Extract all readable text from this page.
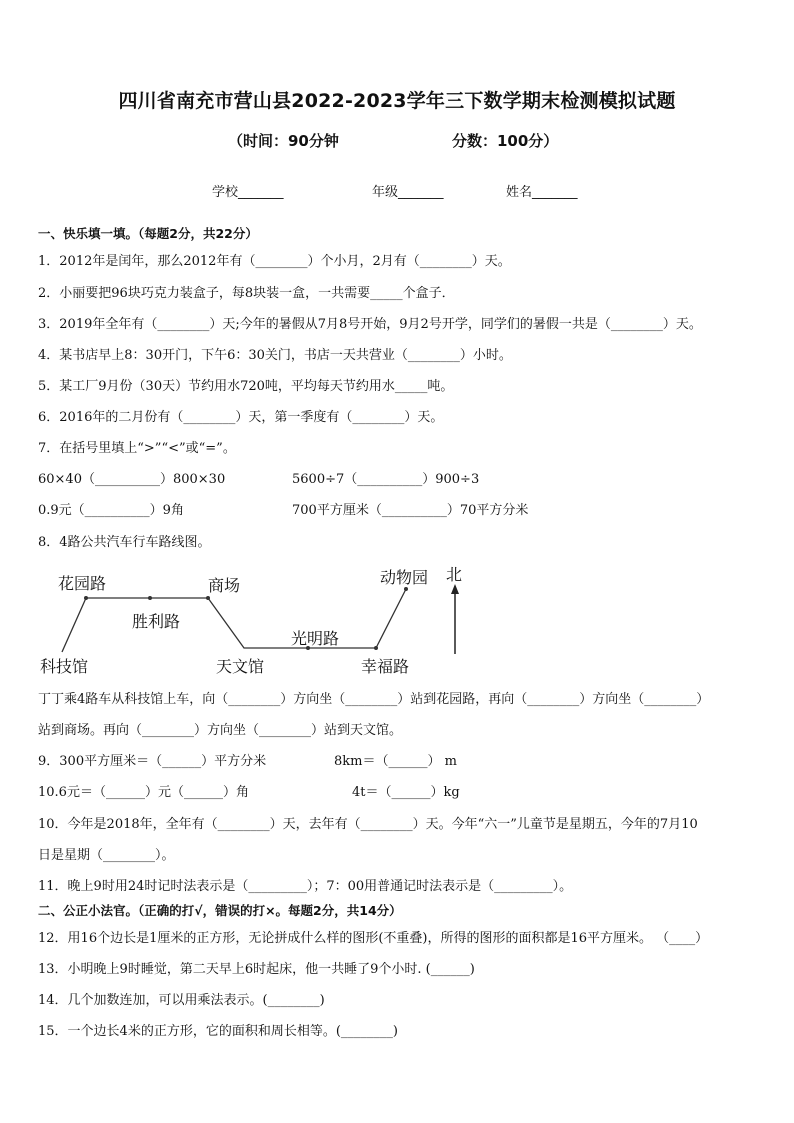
四川省南充市营山县2022-2023学年三下数学期末检测模拟试题
（时间：90分钟	分数：100分）
学校_______	年级_______	姓名_______
一、快乐填一填。（每题2分，共22分）
1．2012年是闰年，那么2012年有（________）个小月，2月有（________）天。
2．小丽要把96块巧克力装盒子，每8块装一盒，一共需要_____个盒子．
3．2019年全年有（________）天;今年的暑假从7月8号开始，9月2号开学，同学们的暑假一共是（________）天。
4．某书店早上8：30开门，下午6：30关门，书店一天共营业（________）小时。
5．某工厂9月份（30天）节约用水720吨，平均每天节约用水_____吨。
6．2016年的二月份有（________）天，第一季度有（________）天。
7．在括号里填上“>”“<”或“=”。
60×40（__________）800×30	5600÷7（__________）900÷3
0.9元（__________）9角	700平方厘米（__________）70平方分米
8．4路公共汽车行车路线图。
花园路	商场
胜利路
科技馆	天文馆
光明路
幸福路
动物园 北
丁丁乘4路车从科技馆上车，向（________）方向坐（________）站到花园路，再向（________）方向坐（________）
站到商场。再向（________）方向坐（________）站到天文馆。
9．300平方厘米＝（______）平方分米	8km＝（______） m
10.6元＝（______）元（______）角	4t＝（______）kg
10．今年是2018年，全年有（________）天，去年有（________）天。今年“六一”儿童节是星期五，今年的7月10
日是星期（________）。
11．晚上9时用24时记时法表示是（_________）；7：00用普通记时法表示是（_________）。
二、公正小法官。（正确的打√，错误的打×。每题2分，共14分）
12．用16个边长是1厘米的正方形，无论拼成什么样的图形(不重叠)，所得的图形的面积都是16平方厘米。 （____）
13．小明晚上9时睡觉，第二天早上6时起床，他一共睡了9个小时. (______)
14．几个加数连加，可以用乘法表示。(________)
15．一个边长4米的正方形，它的面积和周长相等。(________)
